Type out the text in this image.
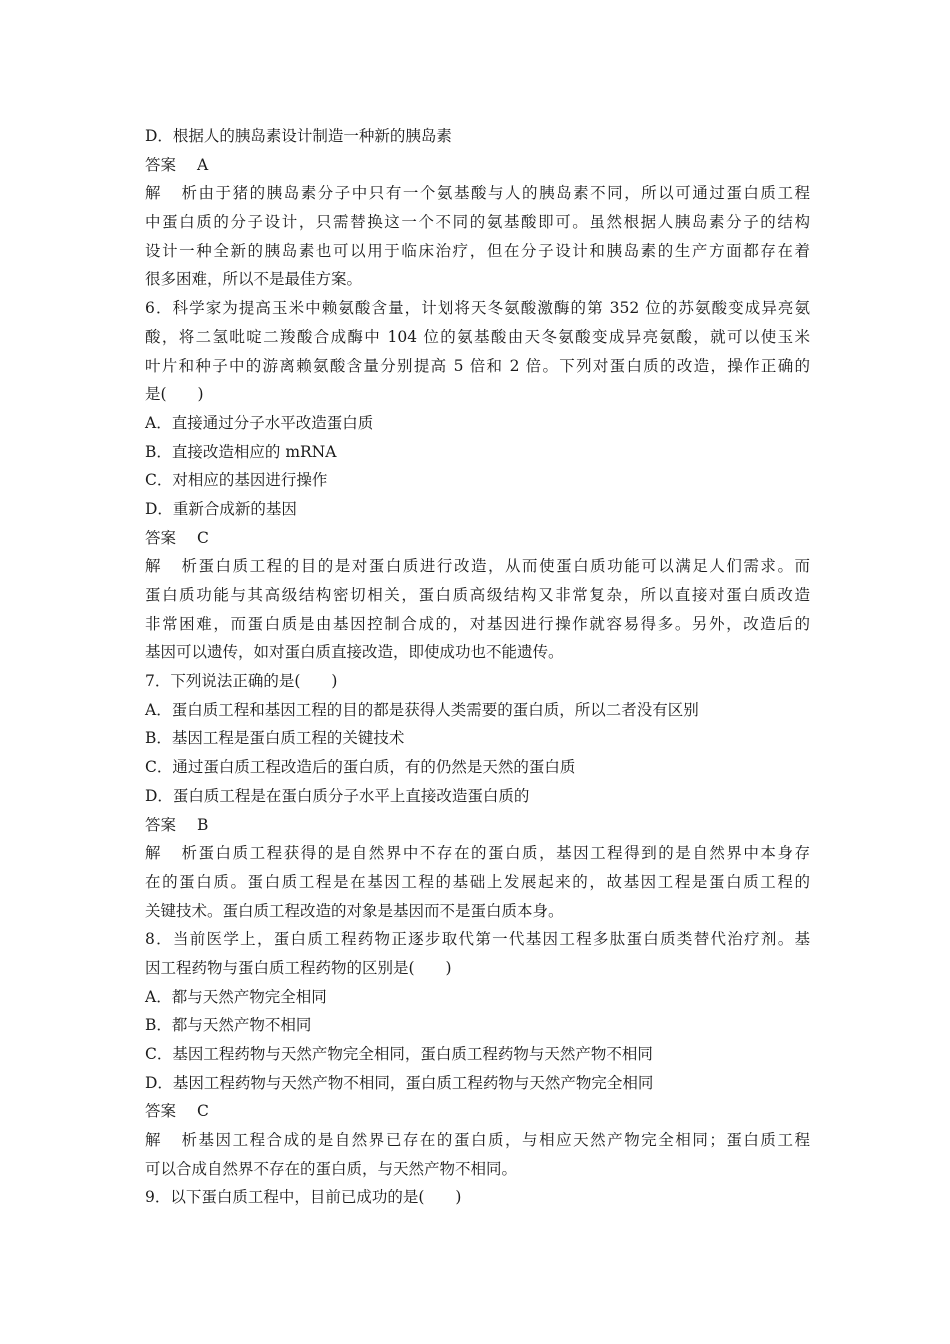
D．根据人的胰岛素设计制造一种新的胰岛素
答案 A
解析由于猪的胰岛素分子中只有一个氨基酸与人的胰岛素不同，所以可通过蛋白质工程
中蛋白质的分子设计，只需替换这一个不同的氨基酸即可。虽然根据人胰岛素分子的结构
设计一种全新的胰岛素也可以用于临床治疗，但在分子设计和胰岛素的生产方面都存在着
很多困难，所以不是最佳方案。
6．科学家为提高玉米中赖氨酸含量，计划将天冬氨酸激酶的第 352 位的苏氨酸变成异亮氨
酸，将二氢吡啶二羧酸合成酶中 104 位的氨基酸由天冬氨酸变成异亮氨酸，就可以使玉米
叶片和种子中的游离赖氨酸含量分别提高 5 倍和 2 倍。下列对蛋白质的改造，操作正确的
是(　　)
A．直接通过分子水平改造蛋白质
B．直接改造相应的 mRNA
C．对相应的基因进行操作
D．重新合成新的基因
答案 C
解析蛋白质工程的目的是对蛋白质进行改造，从而使蛋白质功能可以满足人们需求。而
蛋白质功能与其高级结构密切相关，蛋白质高级结构又非常复杂，所以直接对蛋白质改造
非常困难，而蛋白质是由基因控制合成的，对基因进行操作就容易得多。另外，改造后的
基因可以遗传，如对蛋白质直接改造，即使成功也不能遗传。
7．下列说法正确的是(　　)
A．蛋白质工程和基因工程的目的都是获得人类需要的蛋白质，所以二者没有区别
B．基因工程是蛋白质工程的关键技术
C．通过蛋白质工程改造后的蛋白质，有的仍然是天然的蛋白质
D．蛋白质工程是在蛋白质分子水平上直接改造蛋白质的
答案 B
解析蛋白质工程获得的是自然界中不存在的蛋白质，基因工程得到的是自然界中本身存
在的蛋白质。蛋白质工程是在基因工程的基础上发展起来的，故基因工程是蛋白质工程的
关键技术。蛋白质工程改造的对象是基因而不是蛋白质本身。
8．当前医学上，蛋白质工程药物正逐步取代第一代基因工程多肽蛋白质类替代治疗剂。基
因工程药物与蛋白质工程药物的区别是(　　)
A．都与天然产物完全相同
B．都与天然产物不相同
C．基因工程药物与天然产物完全相同，蛋白质工程药物与天然产物不相同
D．基因工程药物与天然产物不相同，蛋白质工程药物与天然产物完全相同
答案 C
解析基因工程合成的是自然界已存在的蛋白质，与相应天然产物完全相同；蛋白质工程
可以合成自然界不存在的蛋白质，与天然产物不相同。
9．以下蛋白质工程中，目前已成功的是(　　)
